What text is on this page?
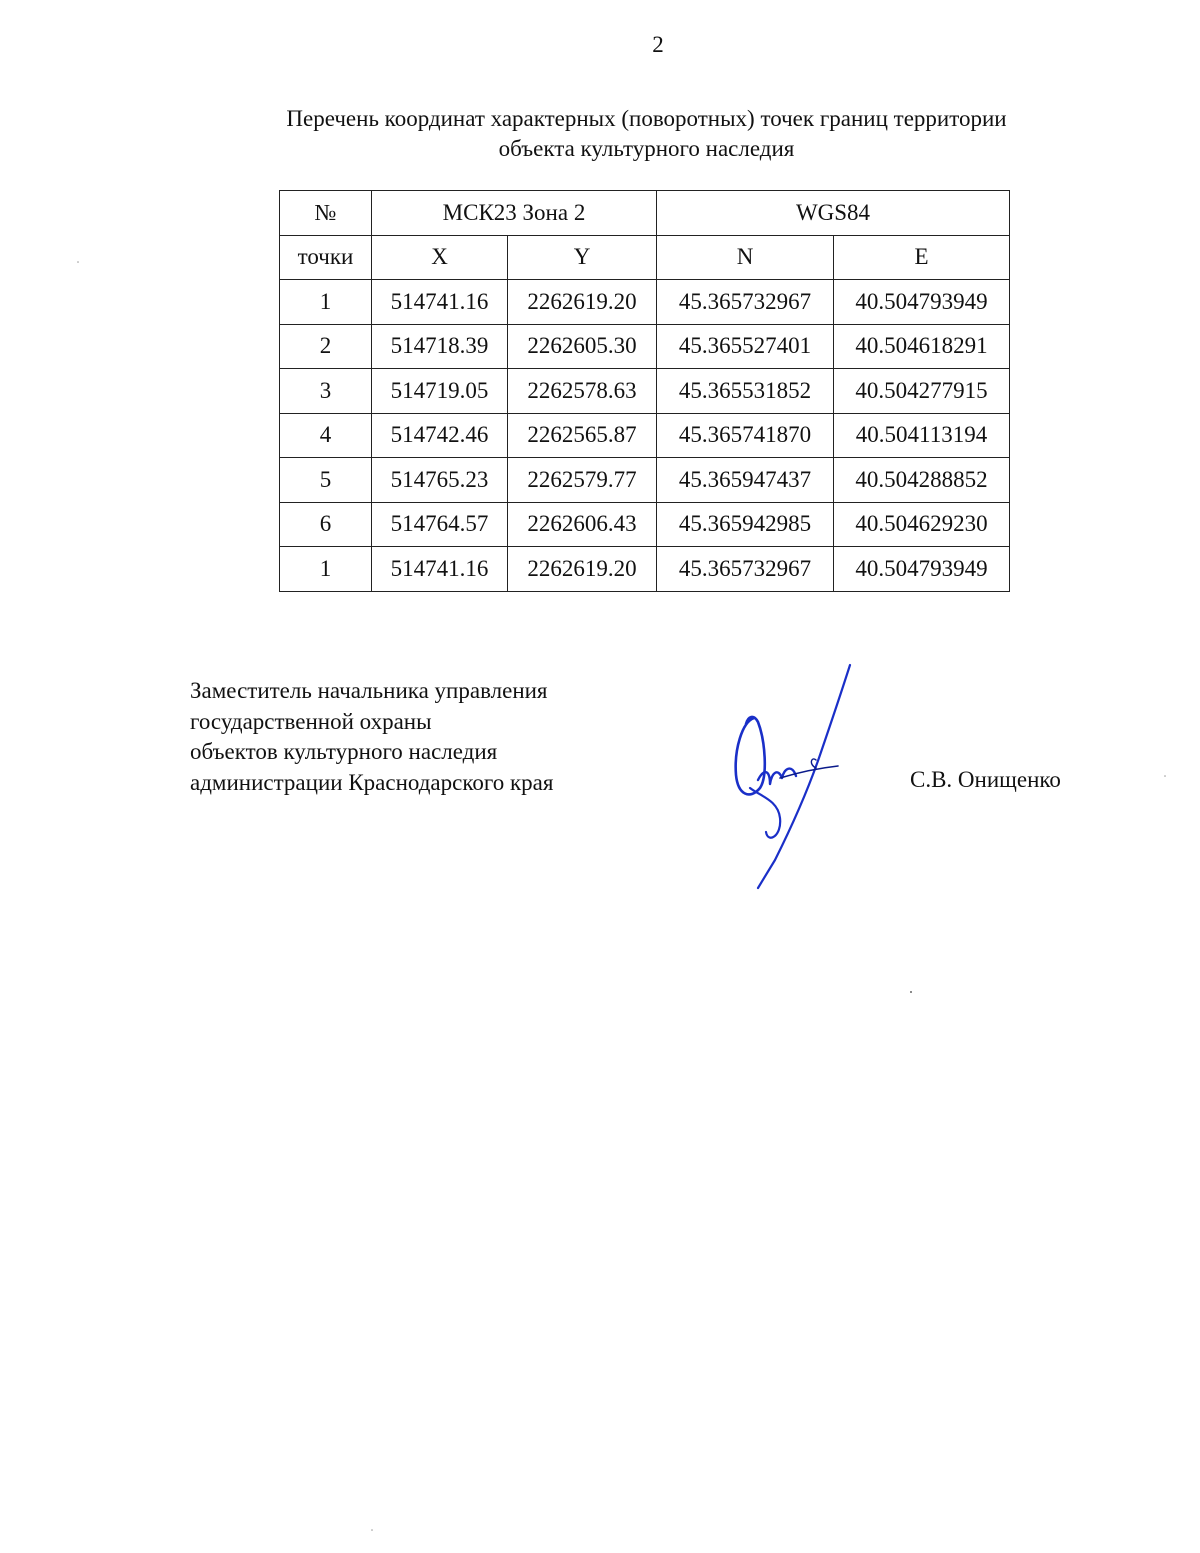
2
Перечень координат характерных (поворотных) точек границ территории
объекта культурного наследия
№	МСК23 Зона 2		WGS84	
точки	X	Y	N	E
1	514741.16	2262619.20	45.365732967	40.504793949
2	514718.39	2262605.30	45.365527401	40.504618291
3	514719.05	2262578.63	45.365531852	40.504277915
4	514742.46	2262565.87	45.365741870	40.504113194
5	514765.23	2262579.77	45.365947437	40.504288852
6	514764.57	2262606.43	45.365942985	40.504629230
1	514741.16	2262619.20	45.365732967	40.504793949
Заместитель начальника управления
государственной охраны
объектов культурного наследия
администрации Краснодарского края	С.В. Онищенко
